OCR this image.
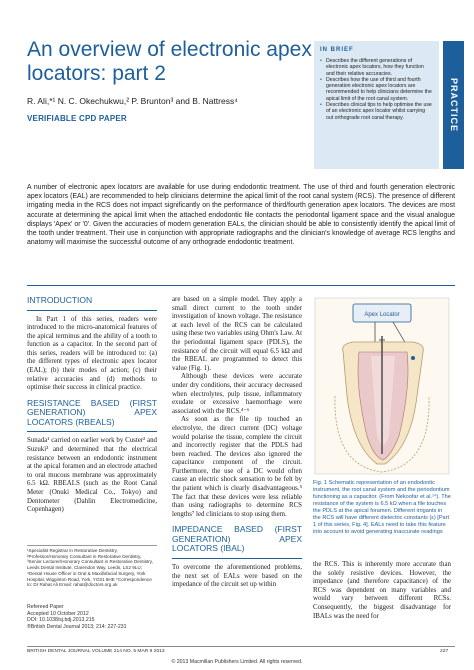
An overview of electronic apex locators: part 2
R. Ali,*¹ N. C. Okechukwu,² P. Brunton³ and B. Nattress⁴
VERIFIABLE CPD PAPER
IN BRIEF
• Describes the different generations of electronic apex locators, how they function and their relative accuracies.
• Describes how the use of third and fourth generation electronic apex locators are recommended to help clinicians determine the apical limit of the root canal system.
• Describes clinical tips to help optimise the use of an electronic apex locator whilst carrying out orthograde root canal therapy.	PRACTICE
A number of electronic apex locators are available for use during endodontic treatment. The use of third and fourth generation electronic apex locators (EAL) are recommended to help clinicians determine the apical limit of the root canal system (RCS). The presence of different irrigating media in the RCS does not impact significantly on the performance of third/fourth generation apex locators. The devices are most accurate at determining the apical limit when the attached endodontic file contacts the periodontal ligament space and the visual analogue displays 'Apex' or '0'. Given the accuracies of modern generation EALs, the clinician should be able to consistently identify the apical limit of the tooth under treatment. Their use in conjunction with appropriate radiographs and the clinician's knowledge of average RCS lengths and anatomy will maximise the successful outcome of any orthograde endodontic treatment.
INTRODUCTION

In Part 1 of this series, readers were introduced to the micro-anatomical features of the apical terminus and the ability of a tooth to function as a capacitor. In the second part of this series, readers will be introduced to: (a) the different types of electronic apex locator (EAL); (b) their modes of action; (c) their relative accuracies and (d) methods to optimise their success in clinical practice.

RESISTANCE BASED (FIRST GENERATION) APEX LOCATORS (RBEALS)

Sunada¹ carried on earlier work by Custer² and Suzuki³ and determined that the electrical resistance between an endodontic instrument at the apical foramen and an electrode attached to oral mucous membrane was approximately 6.5 kΩ. RBEALS (such as the Root Canal Meter (Onuki Medical Co., Tokyo) and Dentometer (Dahlin Electromedicine, Copenhagen)

¹Specialist Registrar in Restorative Dentistry, ²Professor/Honorary Consultant in Restorative Dentistry, ³Senior Lecturer/Honorary Consultant in Restorative Dentistry, Leeds Dental Institute, Clarendon Way, Leeds, LS2 9LU; ⁴Dental House Officer in Oral & Maxillofacial Surgery, York Hospital, Wigginton Road, York, YO31 8HE *Correspondence to: Dr Rahat Ali Email: rahat@doctors.org.uk
Refereed Paper
Accepted 10 October 2012
DOI: 10.1038/sj.bdj.2013.215
®British Dental Journal 2013; 214: 227-231

are based on a simple model. They apply a small direct current to the tooth under investigation of known voltage. The resistance at each level of the RCS can be calculated using these two variables using Ohm's Law. At the periodontal ligament space (PDLS), the resistance of the circuit will equal 6.5 kΩ and the RBEAL are programmed to detect this value (Fig. 1).

Although these devices were accurate under dry conditions, their accuracy decreased when electrolytes, pulp tissue, inflammatory exudate or excessive haemorrhage were associated with the RCS.⁴⁻⁶

As soon as the file tip touched an electrolyte, the direct current (DC) voltage would polarise the tissue, complete the circuit and incorrectly register that the PDLS had been reached. The devices also ignored the capacitance component of the circuit. Furthermore, the use of a DC would often cause an electric shock sensation to be felt by the patient which is clearly disadvantageous.⁵ The fact that these devices were less reliable than using radiographs to determine RCS lengths⁷ led clinicians to stop using them.

IMPEDANCE BASED (FIRST GENERATION) APEX LOCATORS (IBAL)

To overcome the aforementioned problems, the next set of EALs were based on the impedance of the circuit set up within

Apex Locator
Fig. 1 Schematic representation of an endodontic instrument, the root canal system and the periodontium functioning as a capacitor. (From Nekoofar et al.¹⁴). The resistance of the system is 6.5 kΩ when a file touches the PDLS at the apical foramen. Different irrigants in the RCS will have different dielectric constants (ε) [Part 1 of this series, Fig. 4]. EALs need to take this feature into account to avoid generating inaccurate readings

the RCS. This is inherently more accurate than the solely resistive devices. However, the impedance (and therefore capacitance) of the RCS was dependent on many variables and would vary between different RCSs. Consequently, the biggest disadvantage for IBALs was the need for

BRITISH DENTAL JOURNAL VOLUME 214 NO. 5 MAR 9 2013	227
© 2013 Macmillan Publishers Limited. All rights reserved.
